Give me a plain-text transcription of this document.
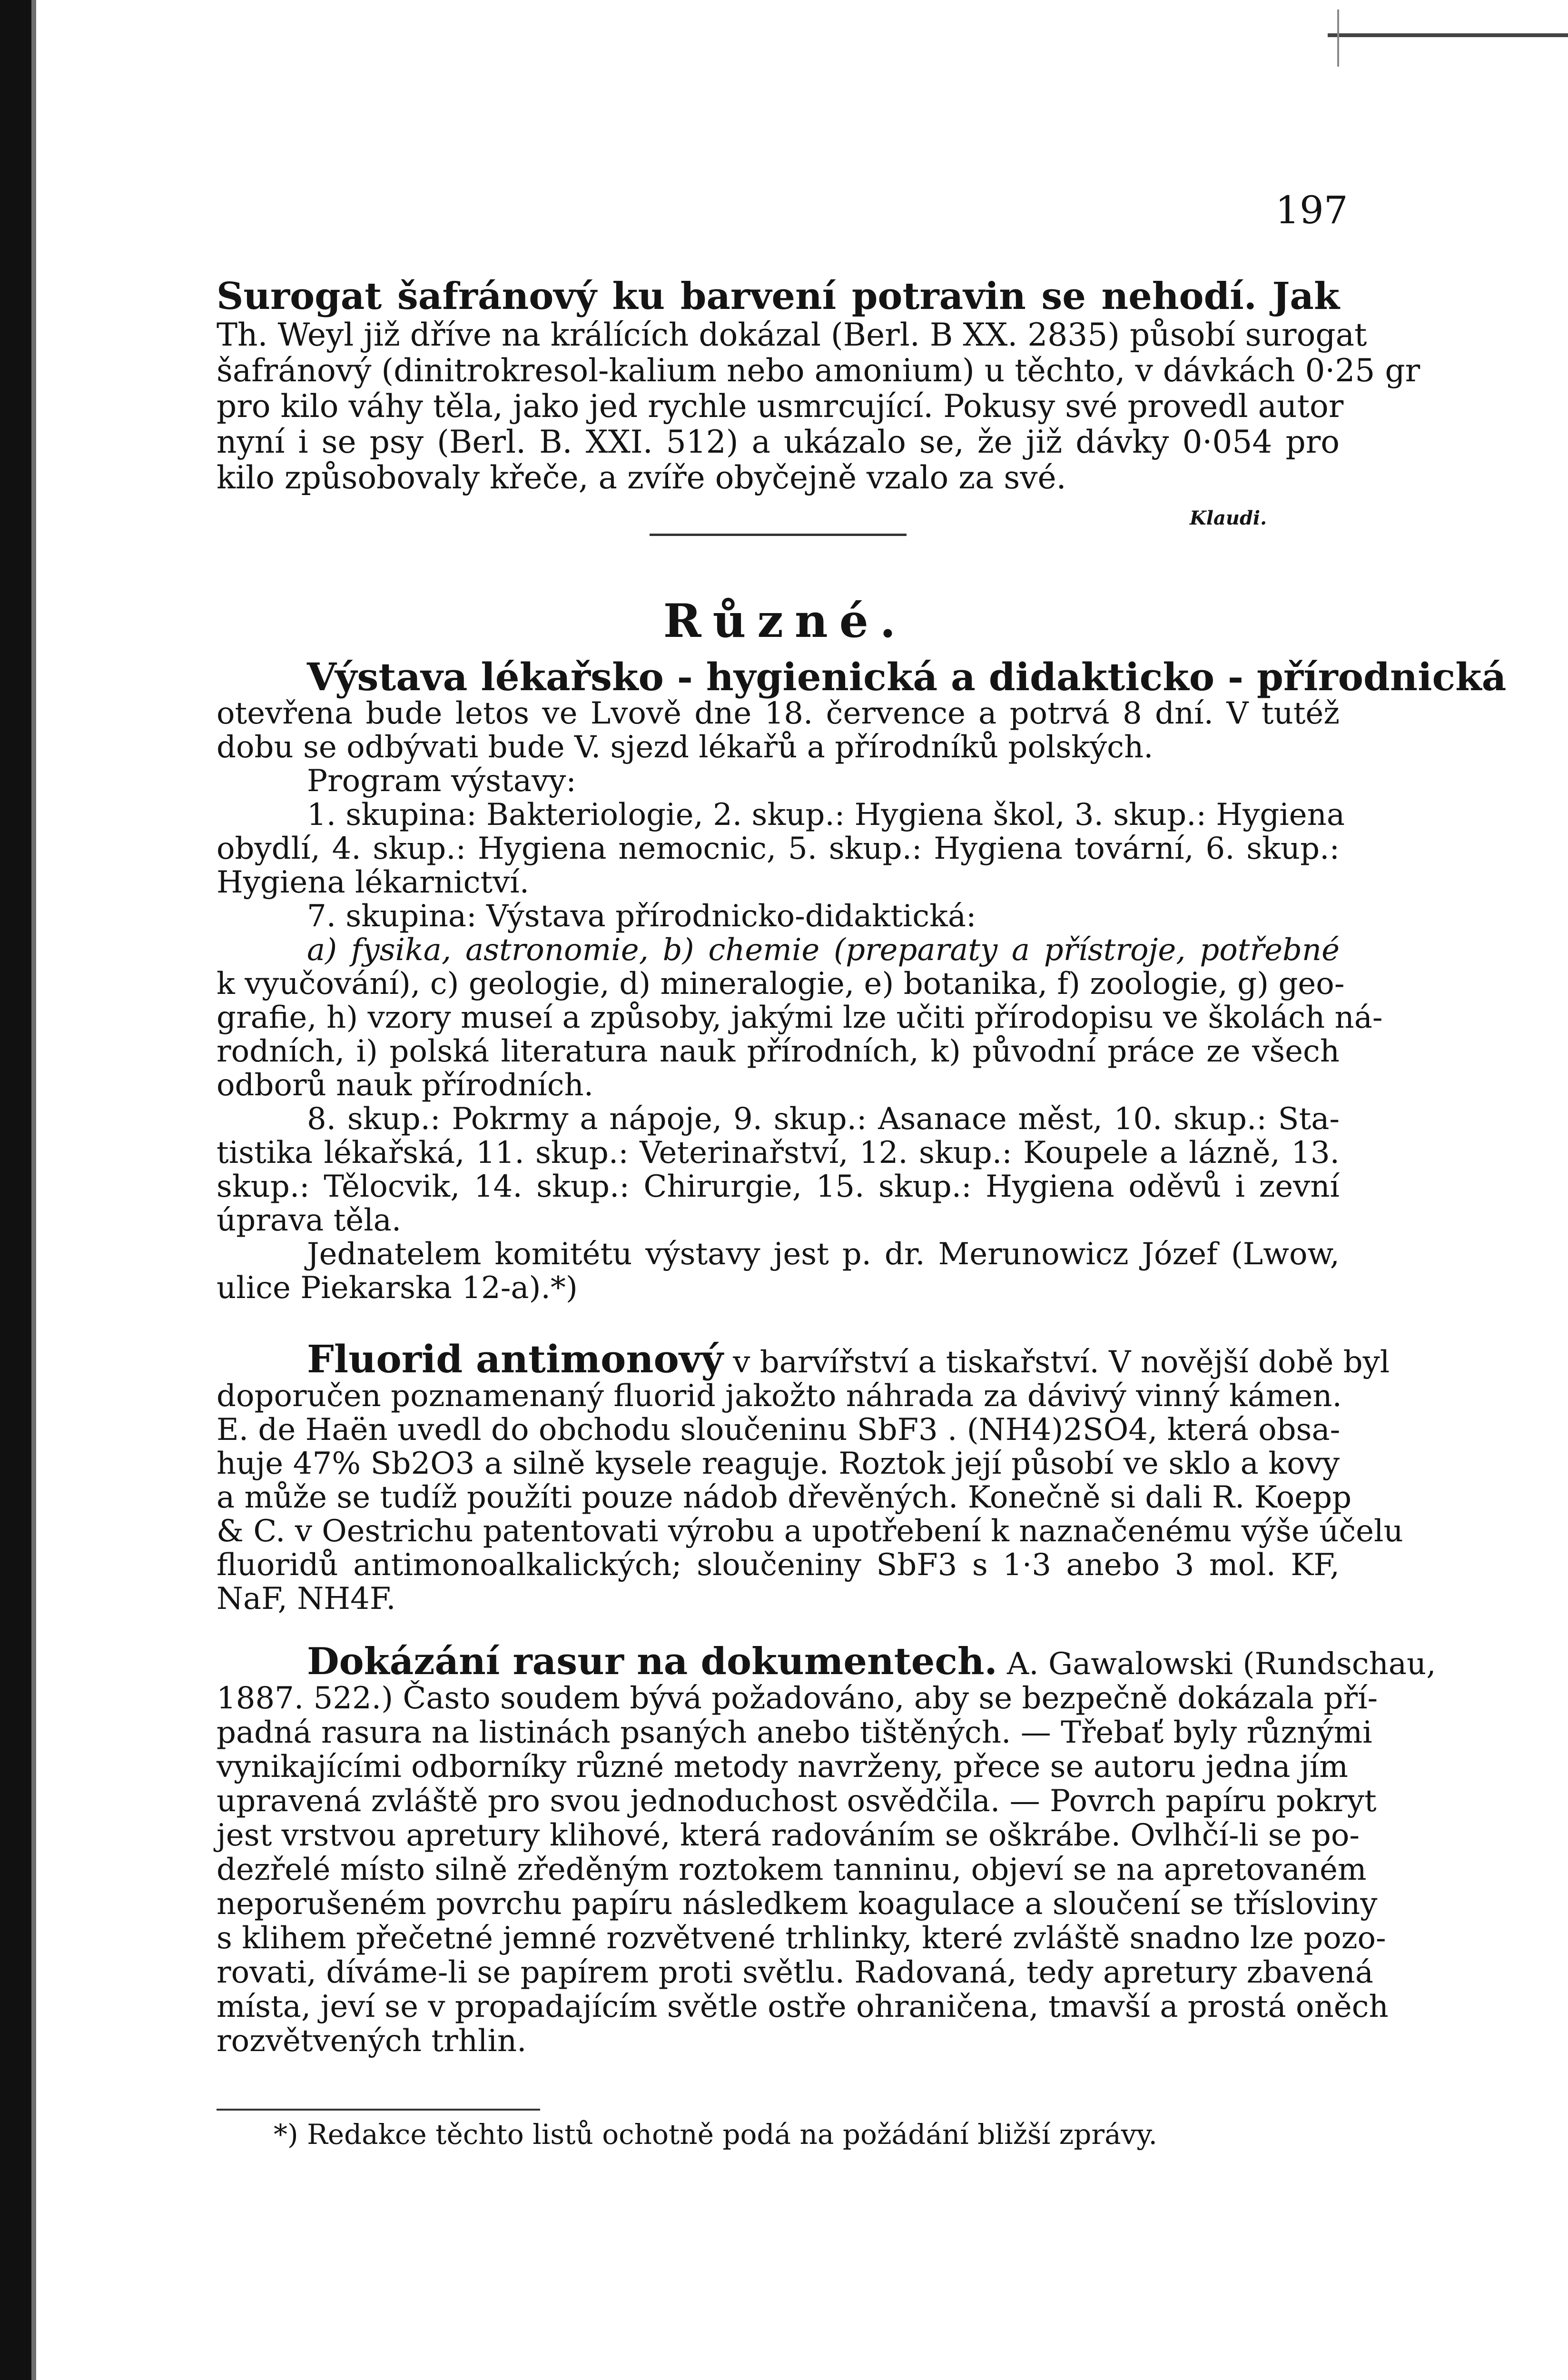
197
Surogat šafránový ku barvení potravin se nehodí. Jak
Th. Weyl již dříve na králících dokázal (Berl. B XX. 2835) působí surogat
šafránový (dinitrokresol-kalium nebo amonium) u těchto, v dávkách 0·25 gr
pro kilo váhy těla, jako jed rychle usmrcující. Pokusy své provedl autor
nyní i se psy (Berl. B. XXI. 512) a ukázalo se, že již dávky 0·054 pro
kilo způsobovaly křeče, a zvíře obyčejně vzalo za své.
Klaudi.
Různé.
Výstava lékařsko - hygienická a didakticko - přírodnická
otevřena bude letos ve Lvově dne 18. července a potrvá 8 dní. V tutéž
dobu se odbývati bude V. sjezd lékařů a přírodníků polských.
Program výstavy:
1. skupina: Bakteriologie, 2. skup.: Hygiena škol, 3. skup.: Hygiena
obydlí, 4. skup.: Hygiena nemocnic, 5. skup.: Hygiena tovární, 6. skup.:
Hygiena lékarnictví.
7. skupina: Výstava přírodnicko-didaktická:
a) fysika, astronomie, b) chemie (preparaty a přístroje, potřebné
k vyučování), c) geologie, d) mineralogie, e) botanika, f) zoologie, g) geo-
grafie, h) vzory museí a způsoby, jakými lze učiti přírodopisu ve školách ná-
rodních, i) polská literatura nauk přírodních, k) původní práce ze všech
odborů nauk přírodních.
8. skup.: Pokrmy a nápoje, 9. skup.: Asanace měst, 10. skup.: Sta-
tistika lékařská, 11. skup.: Veterinařství, 12. skup.: Koupele a lázně, 13.
skup.: Tělocvik, 14. skup.: Chirurgie, 15. skup.: Hygiena oděvů i zevní
úprava těla.
Jednatelem komitétu výstavy jest p. dr. Merunowicz Józef (Lwow,
ulice Piekarska 12-a).*)
Fluorid antimonový v barvířství a tiskařství. V novější době byl
doporučen poznamenaný fluorid jakožto náhrada za dávivý vinný kámen.
E. de Haën uvedl do obchodu sloučeninu SbF3 . (NH4)2SO4, která obsa-
huje 47% Sb2O3 a silně kysele reaguje. Roztok její působí ve sklo a kovy
a může se tudíž použíti pouze nádob dřevěných. Konečně si dali R. Koepp
& C. v Oestrichu patentovati výrobu a upotřebení k naznačenému výše účelu
fluoridů antimonoalkalických; sloučeniny SbF3 s 1·3 anebo 3 mol. KF,
NaF, NH4F.
Dokázání rasur na dokumentech. A. Gawalowski (Rundschau,
1887. 522.) Často soudem bývá požadováno, aby se bezpečně dokázala pří-
padná rasura na listinách psaných anebo tištěných. — Třebať byly různými
vynikajícími odborníky různé metody navrženy, přece se autoru jedna jím
upravená zvláště pro svou jednoduchost osvědčila. — Povrch papíru pokryt
jest vrstvou apretury klihové, která radováním se oškrábe. Ovlhčí-li se po-
dezřelé místo silně zředěným roztokem tanninu, objeví se na apretovaném
neporušeném povrchu papíru následkem koagulace a sloučení se třísloviny
s klihem přečetné jemné rozvětvené trhlinky, které zvláště snadno lze pozo-
rovati, díváme-li se papírem proti světlu. Radovaná, tedy apretury zbavená
místa, jeví se v propadajícím světle ostře ohraničena, tmavší a prostá oněch
rozvětvených trhlin.
*) Redakce těchto listů ochotně podá na požádání bližší zprávy.
